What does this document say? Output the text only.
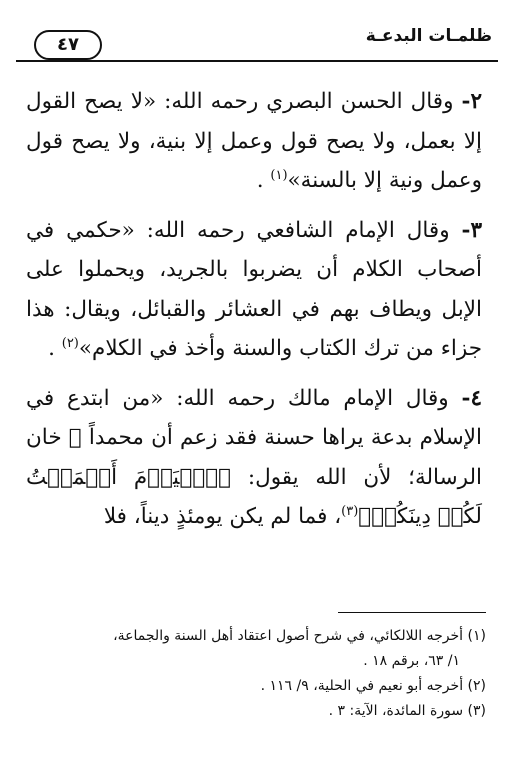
ظلمـات البدعـة
٤٧

٢- وقال الحسن البصري رحمه الله: «لا يصح القول إلا بعمل، ولا يصح قول وعمل إلا بنية، ولا يصح قول وعمل ونية إلا بالسنة»$^{(١)}$ .

٣- وقال الإمام الشافعي رحمه الله: «حكمي في أصحاب الكلام أن يضربوا بالجريد، ويحملوا على الإبل ويطاف بهم في العشائر والقبائل، ويقال: هذا جزاء من ترك الكتاب والسنة وأخذ في الكلام»$^{(٢)}$ .

٤- وقال الإمام مالك رحمه الله: «من ابتدع في الإسلام بدعة يراها حسنة فقد زعم أن محمداً ﷺ خان الرسالة؛ لأن الله يقول: ﴿ٱلۡيَوۡمَ أَكۡمَلۡتُ لَكُمۡ دِينَكُمۡ﴾$^{(٣)}$، فما لم يكن يومئذٍ ديناً، فلا

(١) أخرجه اللالكائي، في شرح أصول اعتقاد أهل السنة والجماعة،

١/ ٦٣، برقم ١٨ .

(٢) أخرجه أبو نعيم في الحلية، ٩/ ١١٦ .

(٣) سورة المائدة، الآية: ٣ .
